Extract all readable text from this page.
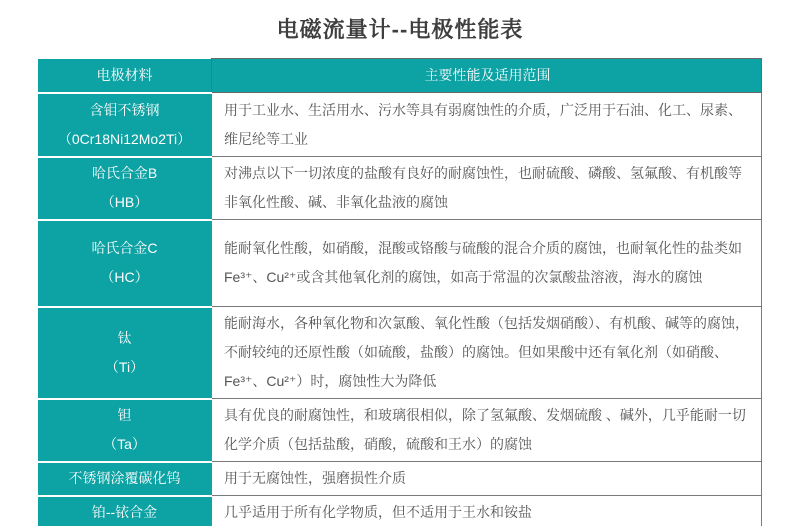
电磁流量计--电极性能表
电极材料	主要性能及适用范围

含钼不锈钢
（0Cr18Ni12Mo2Ti）	用于工业水、生活用水、污水等具有弱腐蚀性的介质，广泛用于石油、化工、尿素、维尼纶等工业

哈氏合金B
（HB）	对沸点以下一切浓度的盐酸有良好的耐腐蚀性，也耐硫酸、磷酸、氢氟酸、有机酸等非氧化性酸、碱、非氧化盐液的腐蚀

哈氏合金C
（HC）	能耐氧化性酸，如硝酸，混酸或铬酸与硫酸的混合介质的腐蚀，也耐氧化性的盐类如Fe³⁺、Cu²⁺或含其他氧化剂的腐蚀，如高于常温的次氯酸盐溶液，海水的腐蚀

钛
（Ti）	能耐海水，各种氧化物和次氯酸、氧化性酸（包括发烟硝酸）、有机酸、碱等的腐蚀，不耐较纯的还原性酸（如硫酸，盐酸）的腐蚀。但如果酸中还有氧化剂（如硝酸、Fe³⁺、Cu²⁺）时，腐蚀性大为降低

钽
（Ta）	具有优良的耐腐蚀性，和玻璃很相似，除了氢氟酸、发烟硫酸 、碱外，几乎能耐一切化学介质（包括盐酸，硝酸，硫酸和王水）的腐蚀

不锈钢涂覆碳化钨	用于无腐蚀性，强磨损性介质

铂--铱合金	几乎适用于所有化学物质，但不适用于王水和铵盐
